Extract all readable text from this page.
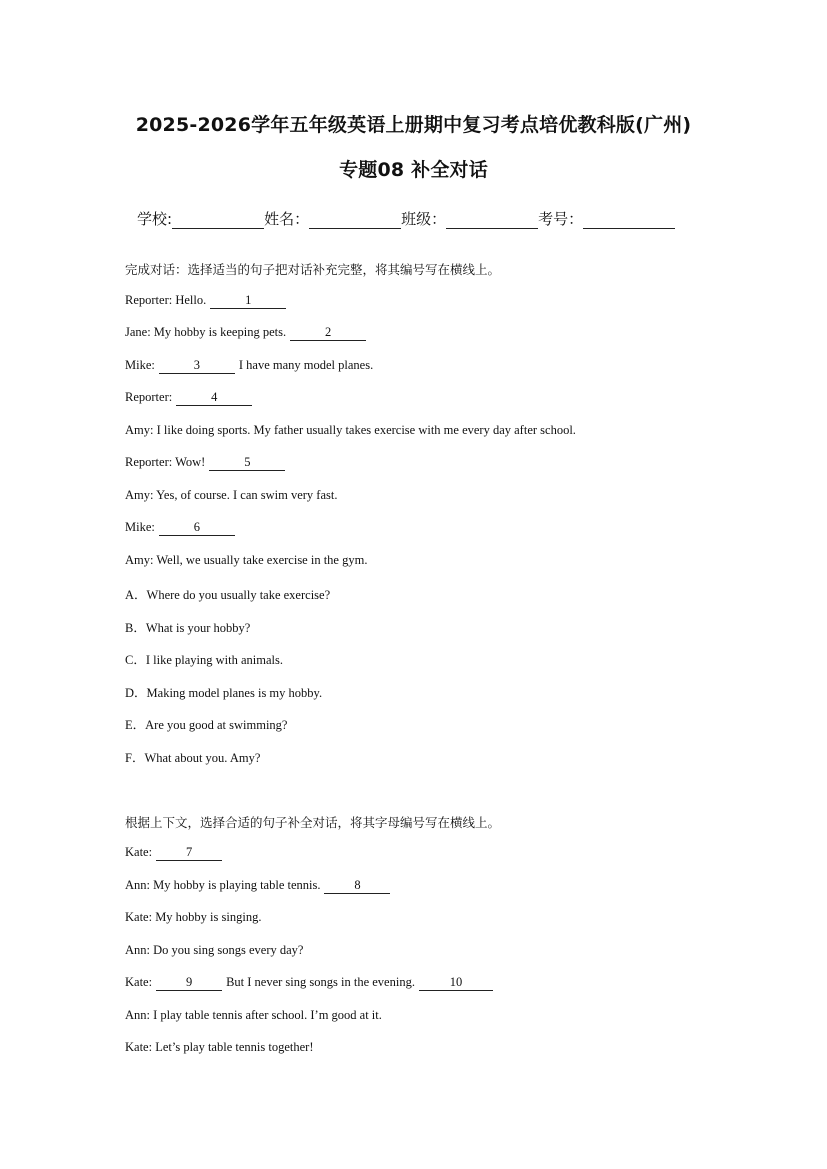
2025-2026学年五年级英语上册期中复习考点培优教科版(广州)
专题08 补全对话
学校:	姓名：	班级：	考号：
完成对话：选择适当的句子把对话补充完整，将其编号写在横线上。
Reporter: Hello.	1
Jane: My hobby is keeping pets.	2
Mike:	3	I have many model planes.
Reporter:	4
Amy: I like doing sports. My father usually takes exercise with me every day after school.
Reporter: Wow!	5
Amy: Yes, of course. I can swim very fast.
Mike:	6
Amy: Well, we usually take exercise in the gym.
A．Where do you usually take exercise?
B．What is your hobby?
C．I like playing with animals.
D．Making model planes is my hobby.
E．Are you good at swimming?
F．What about you. Amy?
根据上下文，选择合适的句子补全对话，将其字母编号写在横线上。
Kate:	7
Ann: My hobby is playing table tennis.	8
Kate: My hobby is singing.
Ann: Do you sing songs every day?
Kate:	9	But I never sing songs in the evening.	10
Ann: I play table tennis after school. I’m good at it.
Kate: Let’s play table tennis together!
